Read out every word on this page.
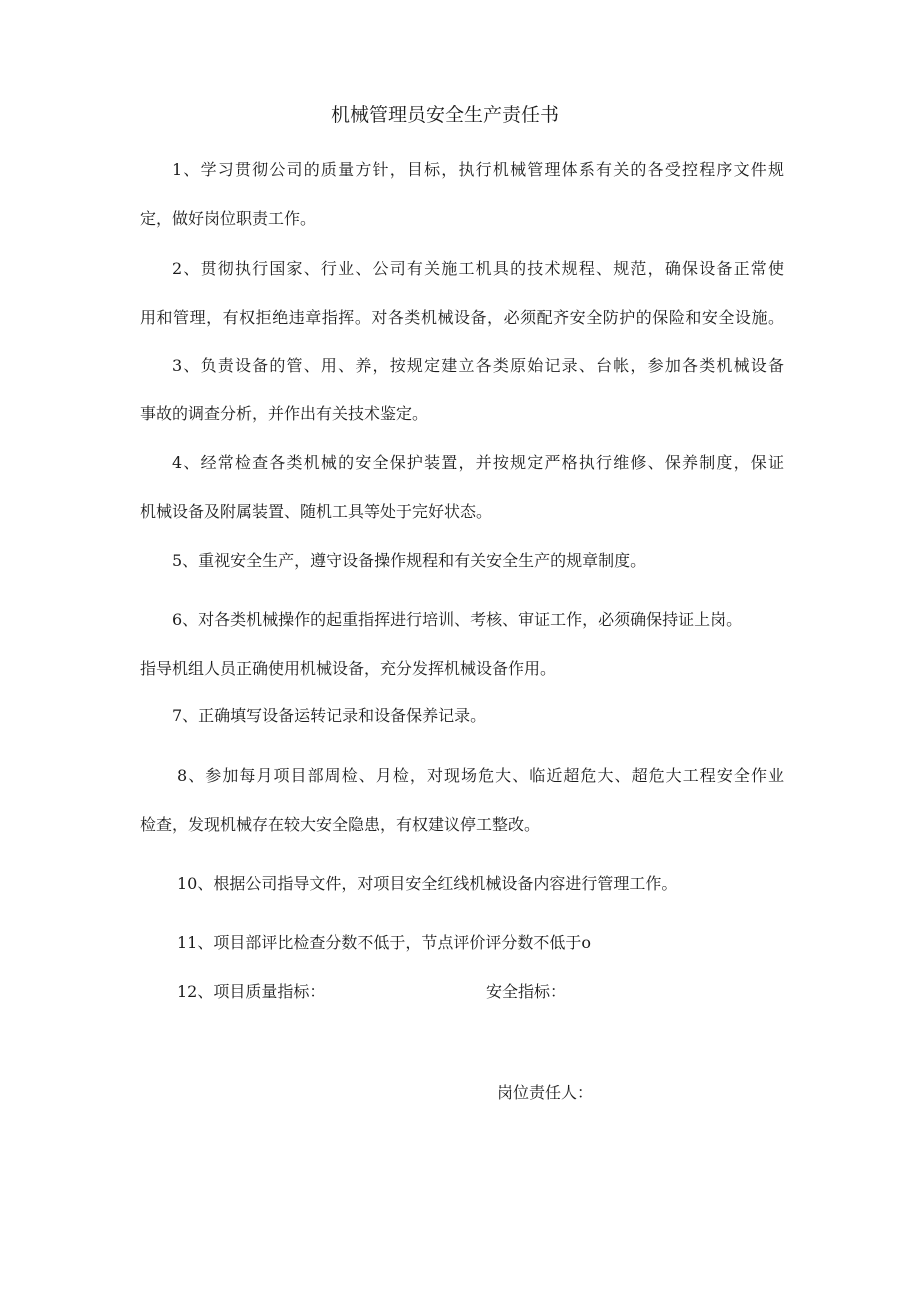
机械管理员安全生产责任书
1、学习贯彻公司的质量方针，目标，执行机械管理体系有关的各受控程序文件规
定，做好岗位职责工作。
2、贯彻执行国家、行业、公司有关施工机具的技术规程、规范，确保设备正常使
用和管理，有权拒绝违章指挥。对各类机械设备，必须配齐安全防护的保险和安全设施。
3、负责设备的管、用、养，按规定建立各类原始记录、台帐，参加各类机械设备
事故的调查分析，并作出有关技术鉴定。
4、经常检查各类机械的安全保护装置，并按规定严格执行维修、保养制度，保证
机械设备及附属装置、随机工具等处于完好状态。
5、重视安全生产，遵守设备操作规程和有关安全生产的规章制度。
6、对各类机械操作的起重指挥进行培训、考核、审证工作，必须确保持证上岗。
指导机组人员正确使用机械设备，充分发挥机械设备作用。
7、正确填写设备运转记录和设备保养记录。
8、参加每月项目部周检、月检，对现场危大、临近超危大、超危大工程安全作业
检查，发现机械存在较大安全隐患，有权建议停工整改。
10、根据公司指导文件，对项目安全红线机械设备内容进行管理工作。
11、项目部评比检查分数不低于，节点评价评分数不低于o
12、项目质量指标：	安全指标：
岗位责任人：
